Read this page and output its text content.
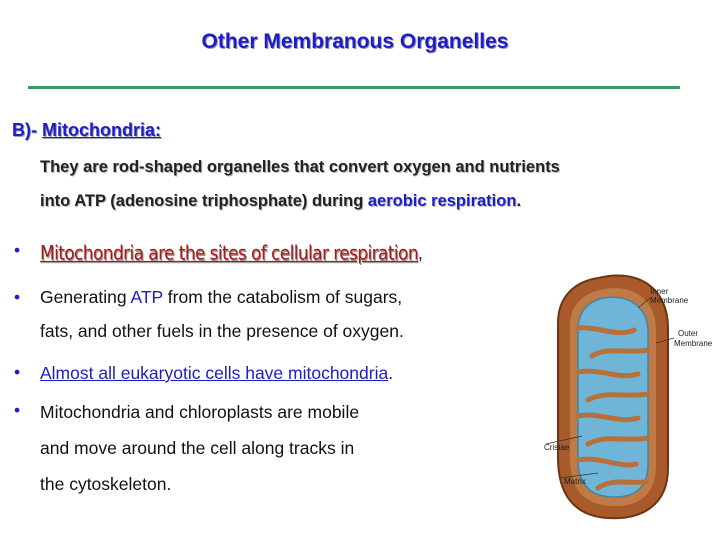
Other Membranous Organelles
B)- Mitochondria:
They are rod-shaped organelles that convert oxygen and nutrients
into ATP (adenosine triphosphate) during aerobic respiration.
• Mitochondria are the sites of cellular respiration,
• Generating ATP from the catabolism of sugars,
fats, and other fuels in the presence of oxygen.
• Almost all eukaryotic cells have mitochondria.
• Mitochondria and chloroplasts are mobile
and move around the cell along tracks in
the cytoskeleton.
Inner
Membrane
Outer
Membrane
Cristae
Matrix
